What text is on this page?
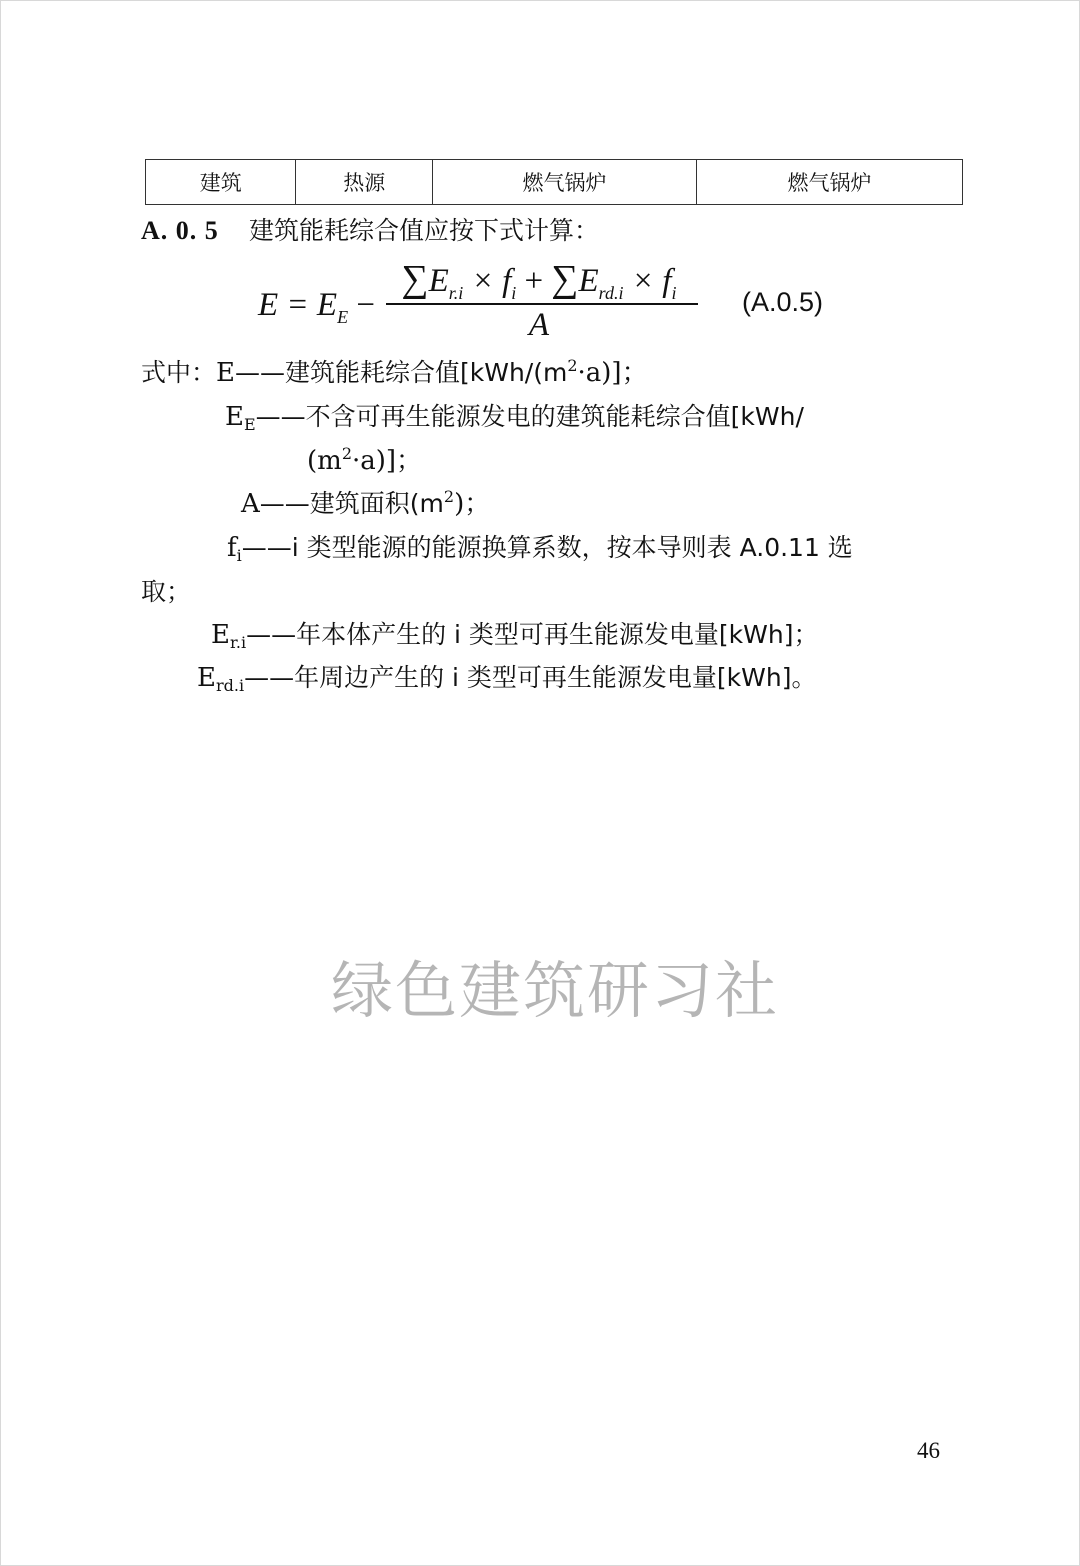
建筑	热源	燃气锅炉	燃气锅炉
A. 0. 5 建筑能耗综合值应按下式计算：
$E = E_E$ −
$\sum E_{r.i} \times f_i + \sum E_{rd.i} \times f_i$
A
(A.0.5)
式中：E——建筑能耗综合值$[kWh/(m^2\cdot a)]$；
$E_E——$不含可再生能源发电的建筑能耗综合值[kWh/
$(m^2\cdot a)$]；
A——建筑面积$(m^2)$；
$f_i——i$ 类型能源的能源换算系数，按本导则表 A.0.11 选
取；
$E_{r.i}——$年本体产生的 i 类型可再生能源发电量[kWh]；
$E_{rd.i}——$年周边产生的 i 类型可再生能源发电量[kWh]。
绿色建筑研习社
46
